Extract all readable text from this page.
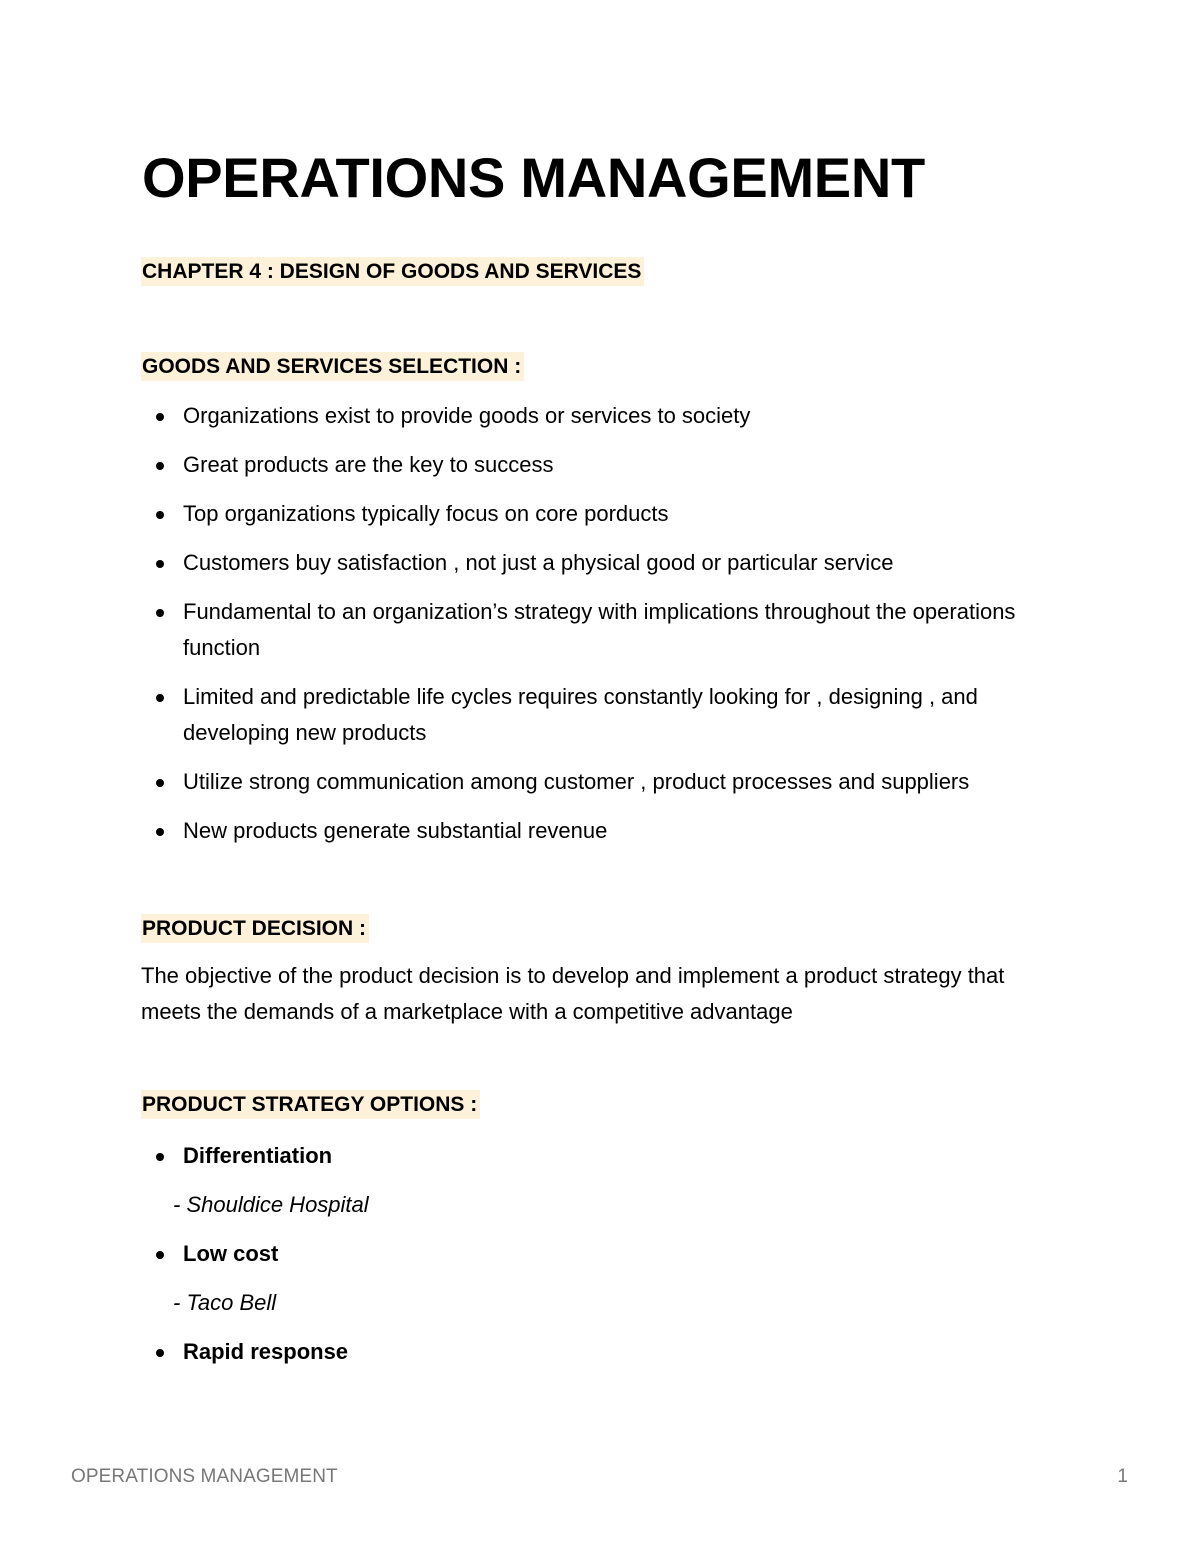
OPERATIONS MANAGEMENT
CHAPTER 4 : DESIGN OF GOODS AND SERVICES
GOODS AND SERVICES SELECTION :
Organizations exist to provide goods or services to society
Great products are the key to success
Top organizations typically focus on core porducts
Customers buy satisfaction , not just a physical good or particular service
Fundamental to an organization’s strategy with implications throughout the operations function
Limited and predictable life cycles requires constantly looking for , designing , and developing new products
Utilize strong communication among customer , product processes and suppliers
New products generate substantial revenue
PRODUCT DECISION :

The objective of the product decision is to develop and implement a product strategy that meets the demands of a marketplace with a competitive advantage

PRODUCT STRATEGY OPTIONS :
Differentiation
- Shouldice Hospital
Low cost
- Taco Bell
Rapid response
OPERATIONS MANAGEMENT	1
